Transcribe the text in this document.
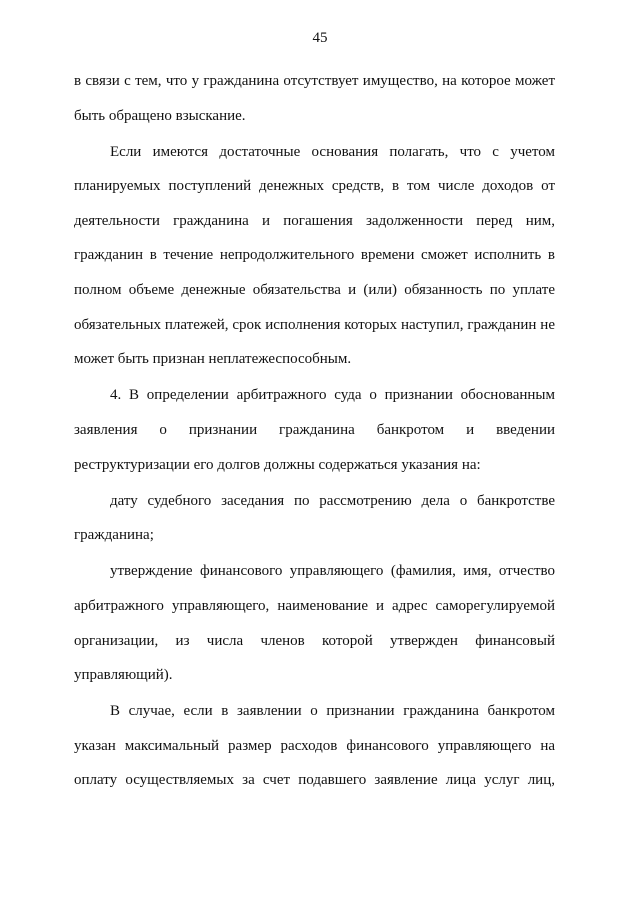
45

в связи с тем, что у гражданина отсутствует имущество, на которое может быть обращено взыскание.

Если имеются достаточные основания полагать, что с учетом планируемых поступлений денежных средств, в том числе доходов от деятельности гражданина и погашения задолженности перед ним, гражданин в течение непродолжительного времени сможет исполнить в полном объеме денежные обязательства и (или) обязанность по уплате обязательных платежей, срок исполнения которых наступил, гражданин не может быть признан неплатежеспособным.

4. В определении арбитражного суда о признании обоснованным заявления о признании гражданина банкротом и введении реструктуризации его долгов должны содержаться указания на:

дату судебного заседания по рассмотрению дела о банкротстве гражданина;

утверждение финансового управляющего (фамилия, имя, отчество арбитражного управляющего, наименование и адрес саморегулируемой организации, из числа членов которой утвержден финансовый управляющий).

В случае, если в заявлении о признании гражданина банкротом указан максимальный размер расходов финансового управляющего на оплату осуществляемых за счет подавшего заявление лица услуг лиц,
